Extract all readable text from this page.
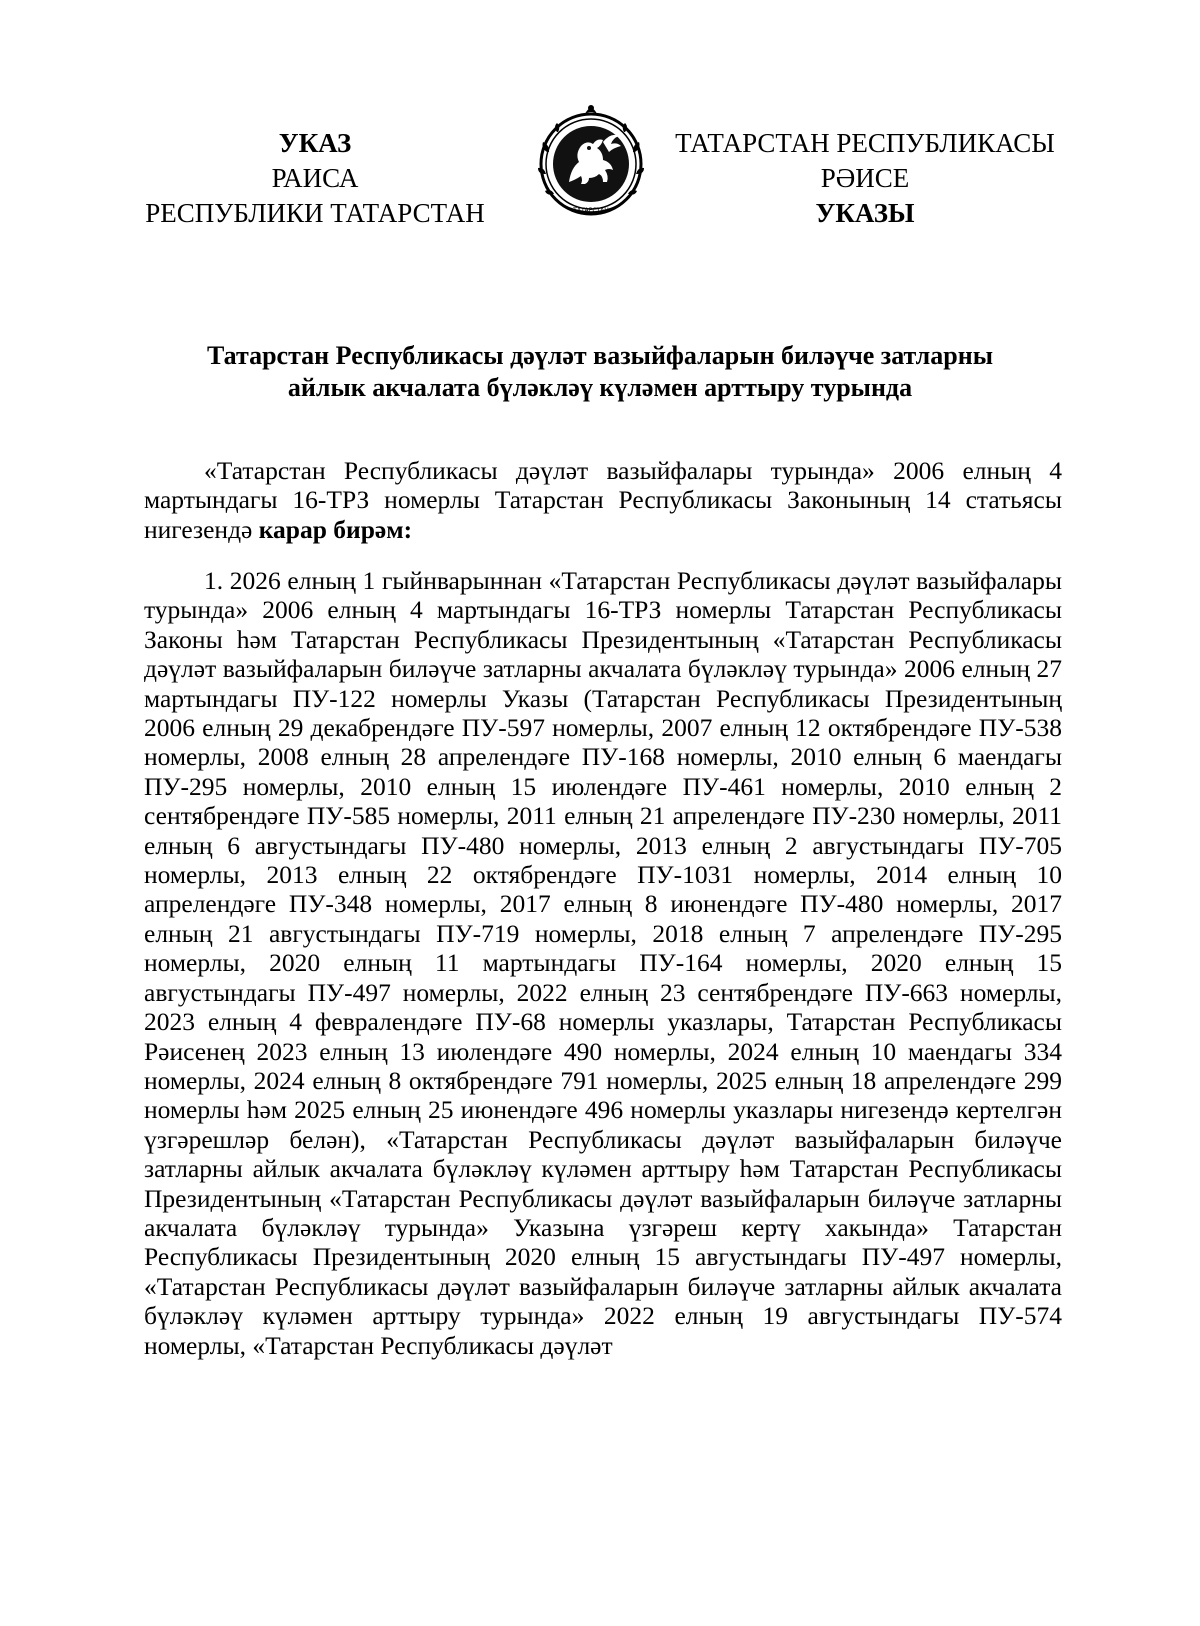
УКАЗ
РАИСА
РЕСПУБЛИКИ ТАТАРСТАН	ТАТАРСТАН
ТАТАРСТАН РЕСПУБЛИКАСЫ
РӘИСЕ
УКАЗЫ
Татарстан Республикасы дәүләт вазыйфаларын биләүче затларны
айлык акчалата бүләкләү күләмен арттыру турында

«Татарстан Республикасы дәүләт вазыйфалары турында» 2006 елның 4 мартындагы 16-ТРЗ номерлы Татарстан Республикасы Законының 14 статьясы нигезендә карар бирәм:

1. 2026 елның 1 гыйнварыннан «Татарстан Республикасы дәүләт вазыйфалары турында» 2006 елның 4 мартындагы 16-ТРЗ номерлы Татарстан Республикасы Законы һәм Татарстан Республикасы Президентының «Татарстан Республикасы дәүләт вазыйфаларын биләүче затларны акчалата бүләкләү турында» 2006 елның 27 мартындагы ПУ-122 номерлы Указы (Татарстан Республикасы Президентының 2006 елның 29 декабрендәге ПУ-597 номерлы, 2007 елның 12 октябрендәге ПУ-538 номерлы, 2008 елның 28 апрелендәге ПУ-168 номерлы, 2010 елның 6 маендагы ПУ-295 номерлы, 2010 елның 15 июлендәге ПУ-461 номерлы, 2010 елның 2 сентябрендәге ПУ-585 номерлы, 2011 елның 21 апрелендәге ПУ-230 номерлы, 2011 елның 6 августындагы ПУ-480 номерлы, 2013 елның 2 августындагы ПУ-705 номерлы, 2013 елның 22 октябрендәге ПУ-1031 номерлы, 2014 елның 10 апрелендәге ПУ-348 номерлы, 2017 елның 8 июнендәге ПУ-480 номерлы, 2017 елның 21 августындагы ПУ-719 номерлы, 2018 елның 7 апрелендәге ПУ-295 номерлы, 2020 елның 11 мартындагы ПУ-164 номерлы, 2020 елның 15 августындагы ПУ-497 номерлы, 2022 елның 23 сентябрендәге ПУ-663 номерлы, 2023 елның 4 февралендәге ПУ-68 номерлы указлары, Татарстан Республикасы Рәисенең 2023 елның 13 июлендәге 490 номерлы, 2024 елның 10 маендагы 334 номерлы, 2024 елның 8 октябрендәге 791 номерлы, 2025 елның 18 апрелендәге 299 номерлы һәм 2025 елның 25 июнендәге 496 номерлы указлары нигезендә кертелгән үзгәрешләр белән), «Татарстан Республикасы дәүләт вазыйфаларын биләүче затларны айлык акчалата бүләкләү күләмен арттыру һәм Татарстан Республикасы Президентының «Татарстан Республикасы дәүләт вазыйфаларын биләүче затларны акчалата бүләкләү турында» Указына үзгәреш кертү хакында» Татарстан Республикасы Президентының 2020 елның 15 августындагы ПУ-497 номерлы, «Татарстан Республикасы дәүләт вазыйфаларын биләүче затларны айлык акчалата бүләкләү күләмен арттыру турында» 2022 елның 19 августындагы ПУ-574 номерлы, «Татарстан Республикасы дәүләт
